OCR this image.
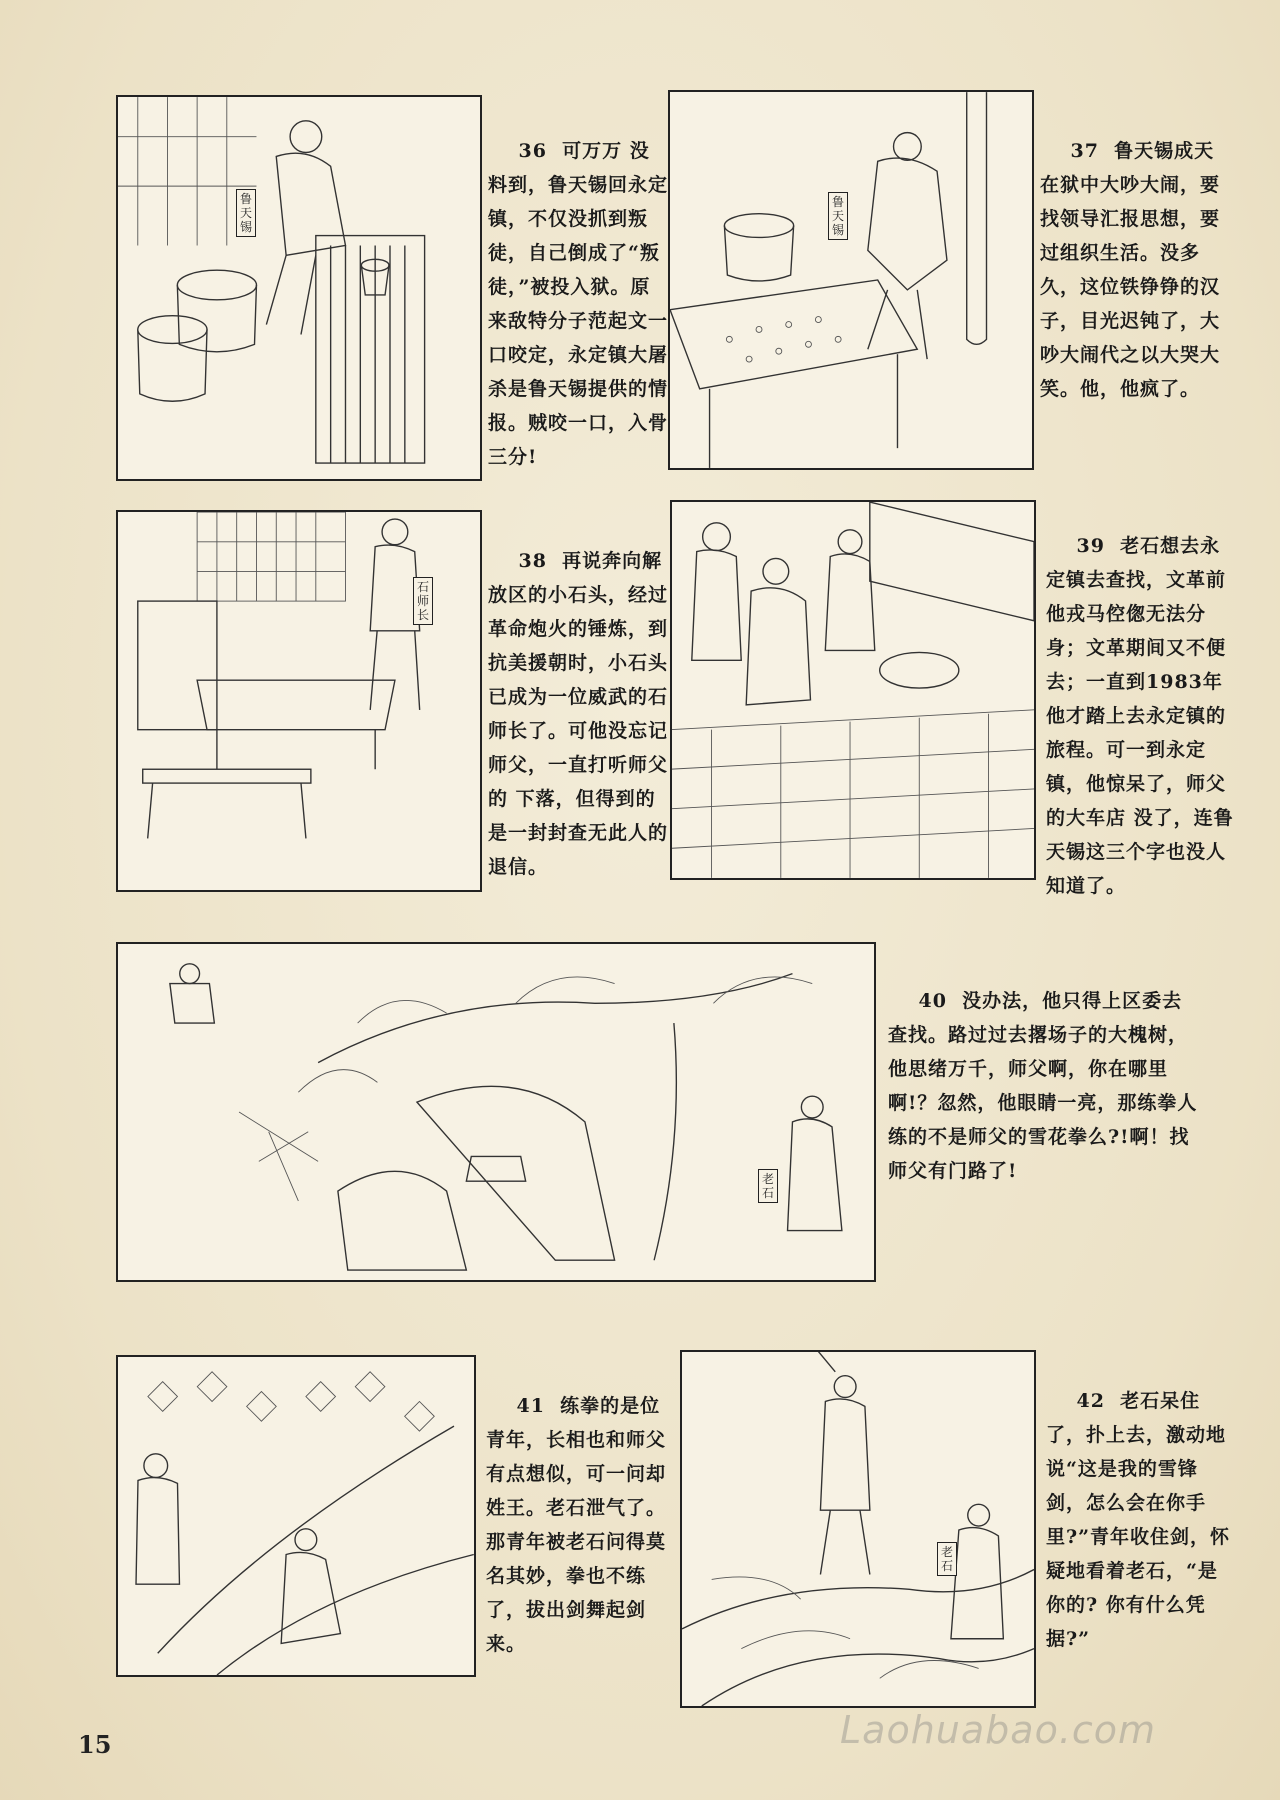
鲁天锡

36 可万万 没 料到，鲁天锡回永定镇，不仅没抓到叛徒，自己倒成了“叛徒，”被投入狱。原来敌特分子范起文一口咬定，永定镇大屠杀是鲁天锡提供的情报。贼咬一口，入骨三分!

鲁天锡

37 鲁天锡成天在狱中大吵大闹，要找领导汇报思想，要过组织生活。没多久，这位铁铮铮的汉子，目光迟钝了，大吵大闹代之以大哭大笑。他，他疯了。

石师长

38 再说奔向解放区的小石头，经过革命炮火的锤炼，到抗美援朝时，小石头已成为一位威武的石师长了。可他没忘记师父，一直打听师父 的 下落，但得到的是一封封查无此人的退信。

39 老石想去永定镇去查找，文革前他戎马倥偬无法分身；文革期间又不便去；一直到1983年他才踏上去永定镇的旅程。可一到永定镇，他惊呆了，师父的大车店 没了，连鲁天锡这三个字也没人知道了。

老石

40 没办法，他只得上区委去查找。路过过去撂场子的大槐树，他思绪万千，师父啊，你在哪里啊!？忽然，他眼睛一亮，那练拳人练的不是师父的雪花拳么?!啊！找师父有门路了!

41 练拳的是位青年，长相也和师父有点想似，可一问却姓王。老石泄气了。那青年被老石问得莫名其妙，拳也不练了，拔出剑舞起剑来。

老石

42 老石呆住了，扑上去，激动地说“这是我的雪锋剑，怎么会在你手里?”青年收住剑，怀疑地看着老石，“是你的? 你有什么凭据?”

15	Laohuabao.com
